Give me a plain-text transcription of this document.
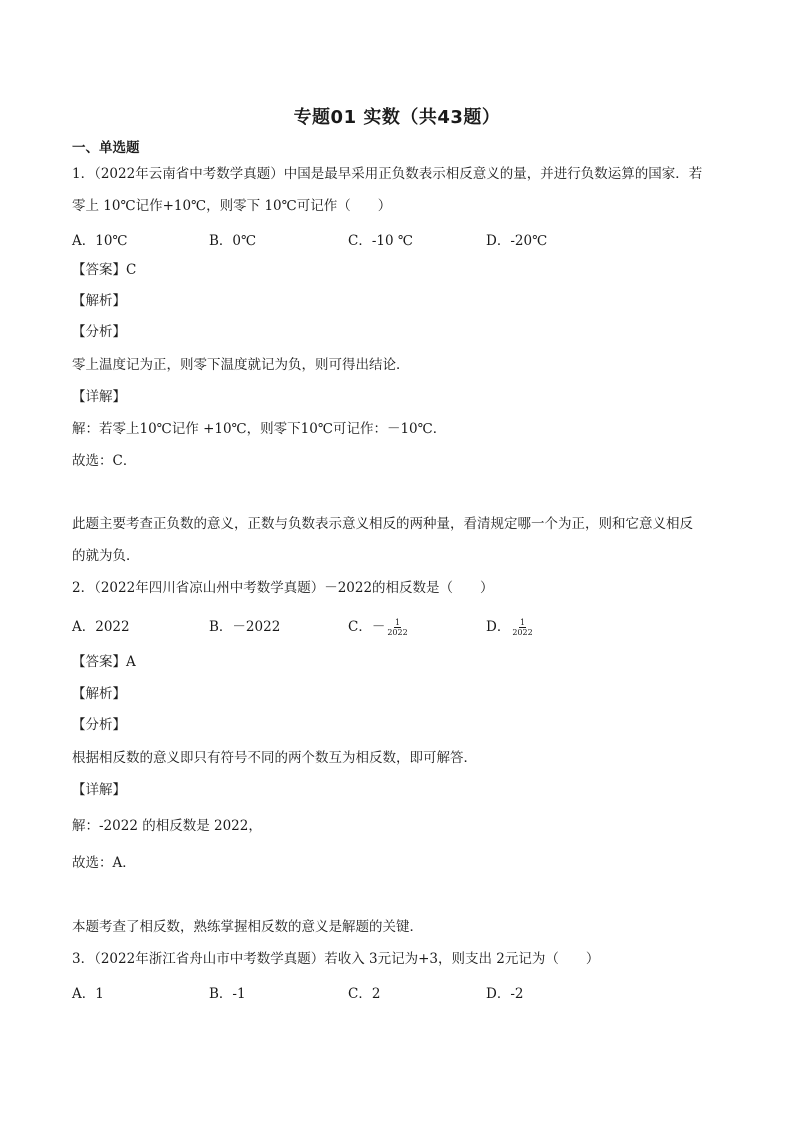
专题01 实数（共43题）
一、单选题
1．（2022年云南省中考数学真题）中国是最早采用正负数表示相反意义的量，并进行负数运算的国家．若
零上 10℃记作+10℃，则零下 10℃可记作（　　）
A．10℃	B．0℃	C．-10 ℃	D．-20℃
【答案】C
【解析】
【分析】
零上温度记为正，则零下温度就记为负，则可得出结论．
【详解】
解：若零上10℃记作 +10℃，则零下10℃可记作：－10℃．
故选：C．
此题主要考查正负数的意义，正数与负数表示意义相反的两种量，看清规定哪一个为正，则和它意义相反
的就为负．
2．（2022年四川省凉山州中考数学真题）－2022的相反数是（　　）
A．2022	B．－2022	C．－ $\frac{1}{2022}$	D． $\frac{1}{2022}$
【答案】A
【解析】
【分析】
根据相反数的意义即只有符号不同的两个数互为相反数，即可解答．
【详解】
解：-2022 的相反数是 2022，
故选：A．
本题考查了相反数，熟练掌握相反数的意义是解题的关键．
3．（2022年浙江省舟山市中考数学真题）若收入 3元记为+3，则支出 2元记为（　　）
A．1	B．-1	C．2	D．-2
